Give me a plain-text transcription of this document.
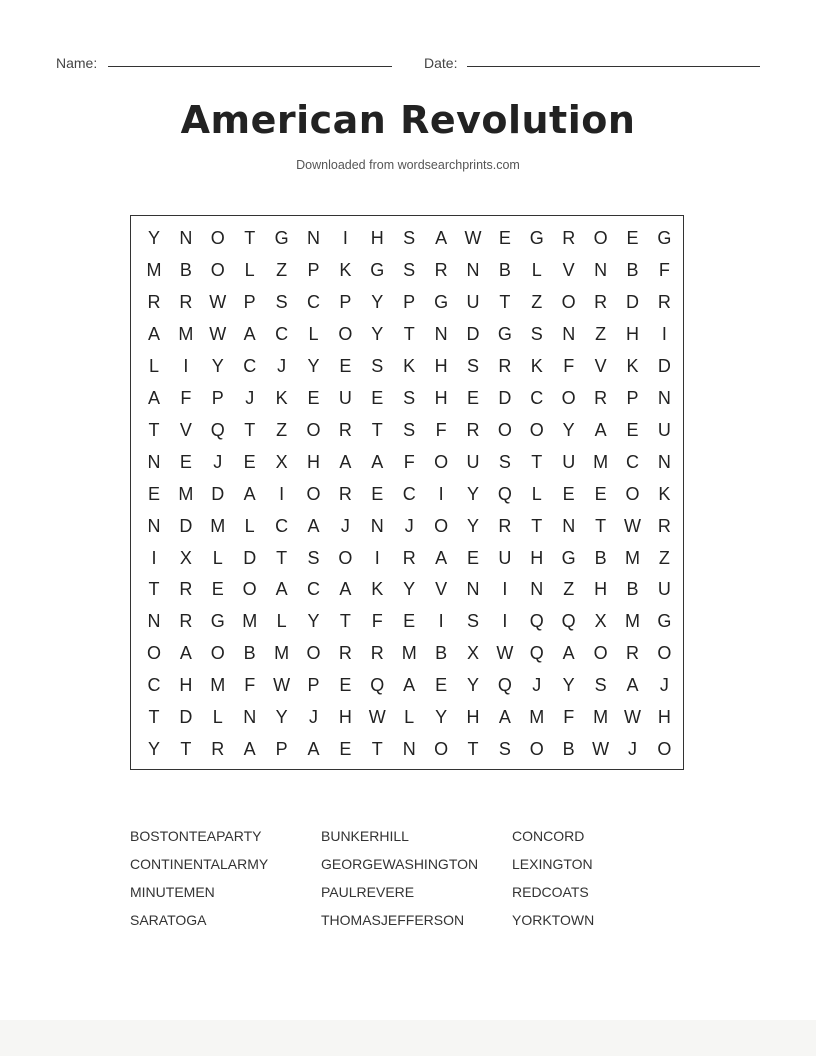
Name:	Date:
American Revolution
Downloaded from wordsearchprints.com
Y	N	O	T	G	N	I	H	S	A W E	G	R	O	E	G
M	B	O	L	Z	P	K	G	S	R	N	B	L	V	N	B	F
R	R W P	S	C	P	Y	P	G	U	T	Z	O	R	D	R
A	M W A	C	L	O	Y	T	N	D	G	S	N	Z	H	I
L	I	Y	C	J	Y	E	S	K	H	S	R	K	F	V	K	D
A	F	P	J	K	E	U	E	S	H	E	D	C	O	R	P	N
T	V	Q	T	Z	O	R	T	S	F	R	O O	Y	A	E	U
N	E	J	E	X	H	A	A	F	O	U	S	T	U M C	N
E	M D	A	I	O	R	E	C	I	Y	Q	L	E	E	O	K
N	D M	L	C	A	J	N	J	O	Y	R	T	N	T W R
I	X	L	D	T	S	O	I	R	A	E	U	H	G	B	M	Z
T	R	E	O	A	C	A	K	Y	V	N	I	N	Z	H	B	U
N	R	G M	L	Y	T	F	E	I	S	I	Q Q	X	M G
O	A	O	B	M O	R	R M	B	X W Q	A	O	R	O
C	H M	F W P	E	Q	A	E	Y	Q	J	Y	S	A	J
T	D	L	N	Y	J	H W	L	Y	H	A	M	F	M W H
Y	T	R	A	P	A	E	T	N	O	T	S	O	B W	J	O
BOSTONTEAPARTY	BUNKERHILL	CONCORD
CONTINENTALARMY	GEORGEWASHINGTON LEXINGTON
MINUTEMEN	PAULREVERE	REDCOATS
SARATOGA	THOMASJEFFERSON	YORKTOWN
